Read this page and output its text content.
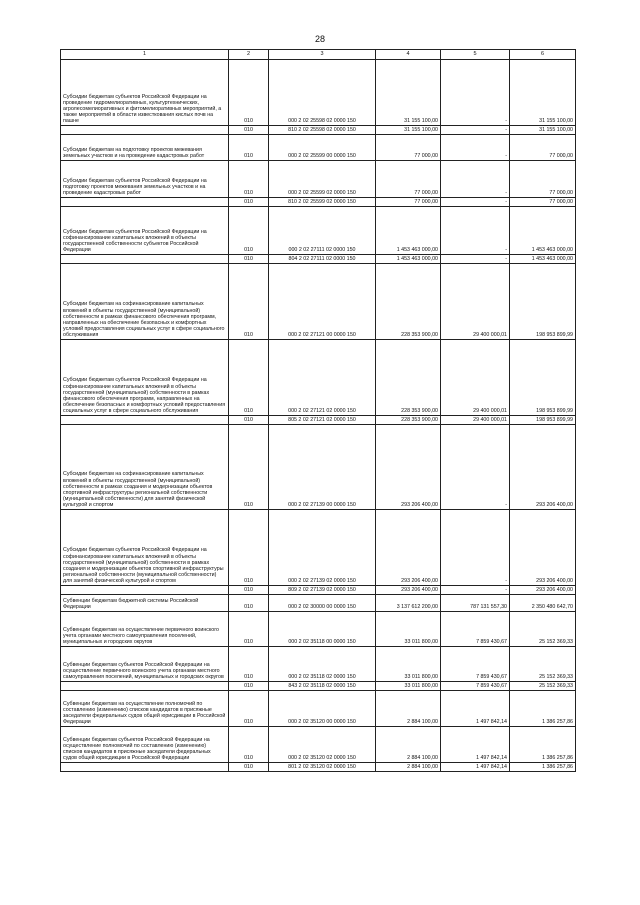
28
1	2	3	4	5	6
Субсидии бюджетам субъектов Российской Федерации на проведение гидромелиоративных, культуртехнических, агролесомелиоративных и фитомелиоративных мероприятий, а также мероприятий в области известкования кислых почв на пашне	010	000 2 02 25598 02 0000 150	31 155 100,00	-	31 155 100,00
	010	810 2 02 25598 02 0000 150	31 155 100,00	-	31 155 100,00
Субсидии бюджетам на подготовку проектов межевания земельных участков и на проведение кадастровых работ	010	000 2 02 25599 00 0000 150	77 000,00	-	77 000,00
Субсидии бюджетам субъектов Российской Федерации на подготовку проектов межевания земельных участков и на проведение кадастровых работ	010	000 2 02 25599 02 0000 150	77 000,00	-	77 000,00
	010	810 2 02 25599 02 0000 150	77 000,00	-	77 000,00
Субсидии бюджетам субъектов Российской Федерации на софинансирование капитальных вложений в объекты государственной собственности субъектов Российской Федерации	010	000 2 02 27111 02 0000 150	1 453 463 000,00	-	1 453 463 000,00
	010	804 2 02 27111 02 0000 150	1 453 463 000,00	-	1 453 463 000,00
Субсидии бюджетам на софинансирование капитальных вложений в объекты государственной (муниципальной) собственности в рамках финансового обеспечения программ, направленных на обеспечение безопасных и комфортных условий предоставления социальных услуг в сфере социального обслуживания	010	000 2 02 27121 00 0000 150	228 353 900,00	29 400 000,01	198 953 899,99
Субсидии бюджетам субъектов Российской Федерации на софинансирование капитальных вложений в объекты государственной (муниципальной) собственности в рамках финансового обеспечения программ, направленных на обеспечение безопасных и комфортных условий предоставления социальных услуг в сфере социального обслуживания	010	000 2 02 27121 02 0000 150	228 353 900,00	29 400 000,01	198 953 899,99
	010	805 2 02 27121 02 0000 150	228 353 900,00	29 400 000,01	198 953 899,99
Субсидии бюджетам на софинансирование капитальных вложений в объекты государственной (муниципальной) собственности в рамках создания и модернизации объектов спортивной инфраструктуры региональной собственности (муниципальной собственности) для занятий физической культурой и спортом	010	000 2 02 27139 00 0000 150	293 206 400,00	-	293 206 400,00
Субсидии бюджетам субъектов Российской Федерации на софинансирование капитальных вложений в объекты государственной (муниципальной) собственности в рамках создания и модернизации объектов спортивной инфраструктуры региональной собственности (муниципальной собственности) для занятий физической культурой и спортом	010	000 2 02 27139 02 0000 150	293 206 400,00	-	293 206 400,00
	010	809 2 02 27139 02 0000 150	293 206 400,00	-	293 206 400,00
Субвенции бюджетам бюджетной системы Российской Федерации	010	000 2 02 30000 00 0000 150	3 137 612 200,00	787 131 557,30	2 350 480 642,70
Субвенции бюджетам на осуществление первичного воинского учета органами местного самоуправления поселений, муниципальных и городских округов	010	000 2 02 35118 00 0000 150	33 011 800,00	7 859 430,67	25 152 369,33
Субвенции бюджетам субъектов Российской Федерации на осуществление первичного воинского учета органами местного самоуправления поселений, муниципальных и городских округов	010	000 2 02 35118 02 0000 150	33 011 800,00	7 859 430,67	25 152 369,33
	010	843 2 02 35118 02 0000 150	33 011 800,00	7 859 430,67	25 152 369,33
Субвенции бюджетам на осуществление полномочий по составлению (изменению) списков кандидатов в присяжные заседатели федеральных судов общей юрисдикции в Российской Федерации	010	000 2 02 35120 00 0000 150	2 884 100,00	1 497 842,14	1 386 257,86
Субвенции бюджетам субъектов Российской Федерации на осуществление полномочий по составлению (изменению) списков кандидатов в присяжные заседатели федеральных судов общей юрисдикции в Российской Федерации	010	000 2 02 35120 02 0000 150	2 884 100,00	1 497 842,14	1 386 257,86
	010	801 2 02 35120 02 0000 150	2 884 100,00	1 497 842,14	1 386 257,86
